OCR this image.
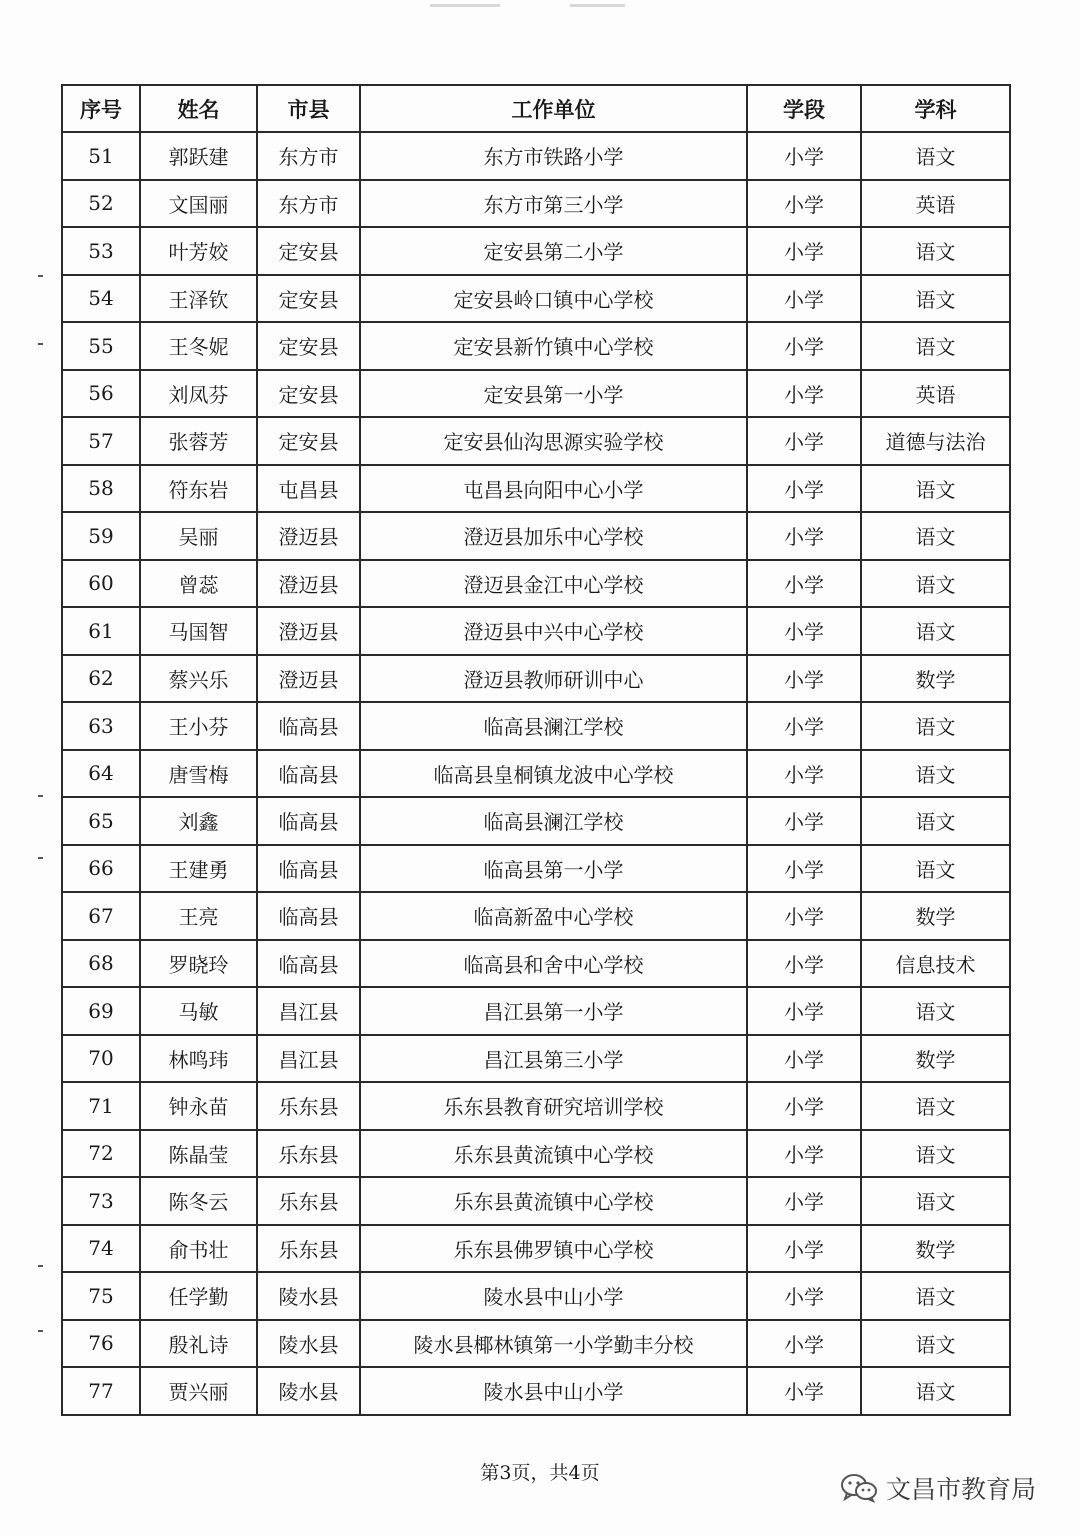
序号	姓名	市县	工作单位	学段	学科
51	郭跃建	东方市	东方市铁路小学	小学	语文
52	文国丽	东方市	东方市第三小学	小学	英语
53	叶芳姣	定安县	定安县第二小学	小学	语文
54	王泽钦	定安县	定安县岭口镇中心学校	小学	语文
55	王冬妮	定安县	定安县新竹镇中心学校	小学	语文
56	刘凤芬	定安县	定安县第一小学	小学	英语
57	张蓉芳	定安县	定安县仙沟思源实验学校	小学	道德与法治
58	符东岩	屯昌县	屯昌县向阳中心小学	小学	语文
59	吴丽	澄迈县	澄迈县加乐中心学校	小学	语文
60	曾蕊	澄迈县	澄迈县金江中心学校	小学	语文
61	马国智	澄迈县	澄迈县中兴中心学校	小学	语文
62	蔡兴乐	澄迈县	澄迈县教师研训中心	小学	数学
63	王小芬	临高县	临高县澜江学校	小学	语文
64	唐雪梅	临高县	临高县皇桐镇龙波中心学校	小学	语文
65	刘鑫	临高县	临高县澜江学校	小学	语文
66	王建勇	临高县	临高县第一小学	小学	语文
67	王亮	临高县	临高新盈中心学校	小学	数学
68	罗晓玲	临高县	临高县和舍中心学校	小学	信息技术
69	马敏	昌江县	昌江县第一小学	小学	语文
70	林鸣玮	昌江县	昌江县第三小学	小学	数学
71	钟永苗	乐东县	乐东县教育研究培训学校	小学	语文
72	陈晶莹	乐东县	乐东县黄流镇中心学校	小学	语文
73	陈冬云	乐东县	乐东县黄流镇中心学校	小学	语文
74	俞书壮	乐东县	乐东县佛罗镇中心学校	小学	数学
75	任学勤	陵水县	陵水县中山小学	小学	语文
76	殷礼诗	陵水县	陵水县椰林镇第一小学勤丰分校	小学	语文
77	贾兴丽	陵水县	陵水县中山小学	小学	语文
第3页，共4页
文昌市教育局
